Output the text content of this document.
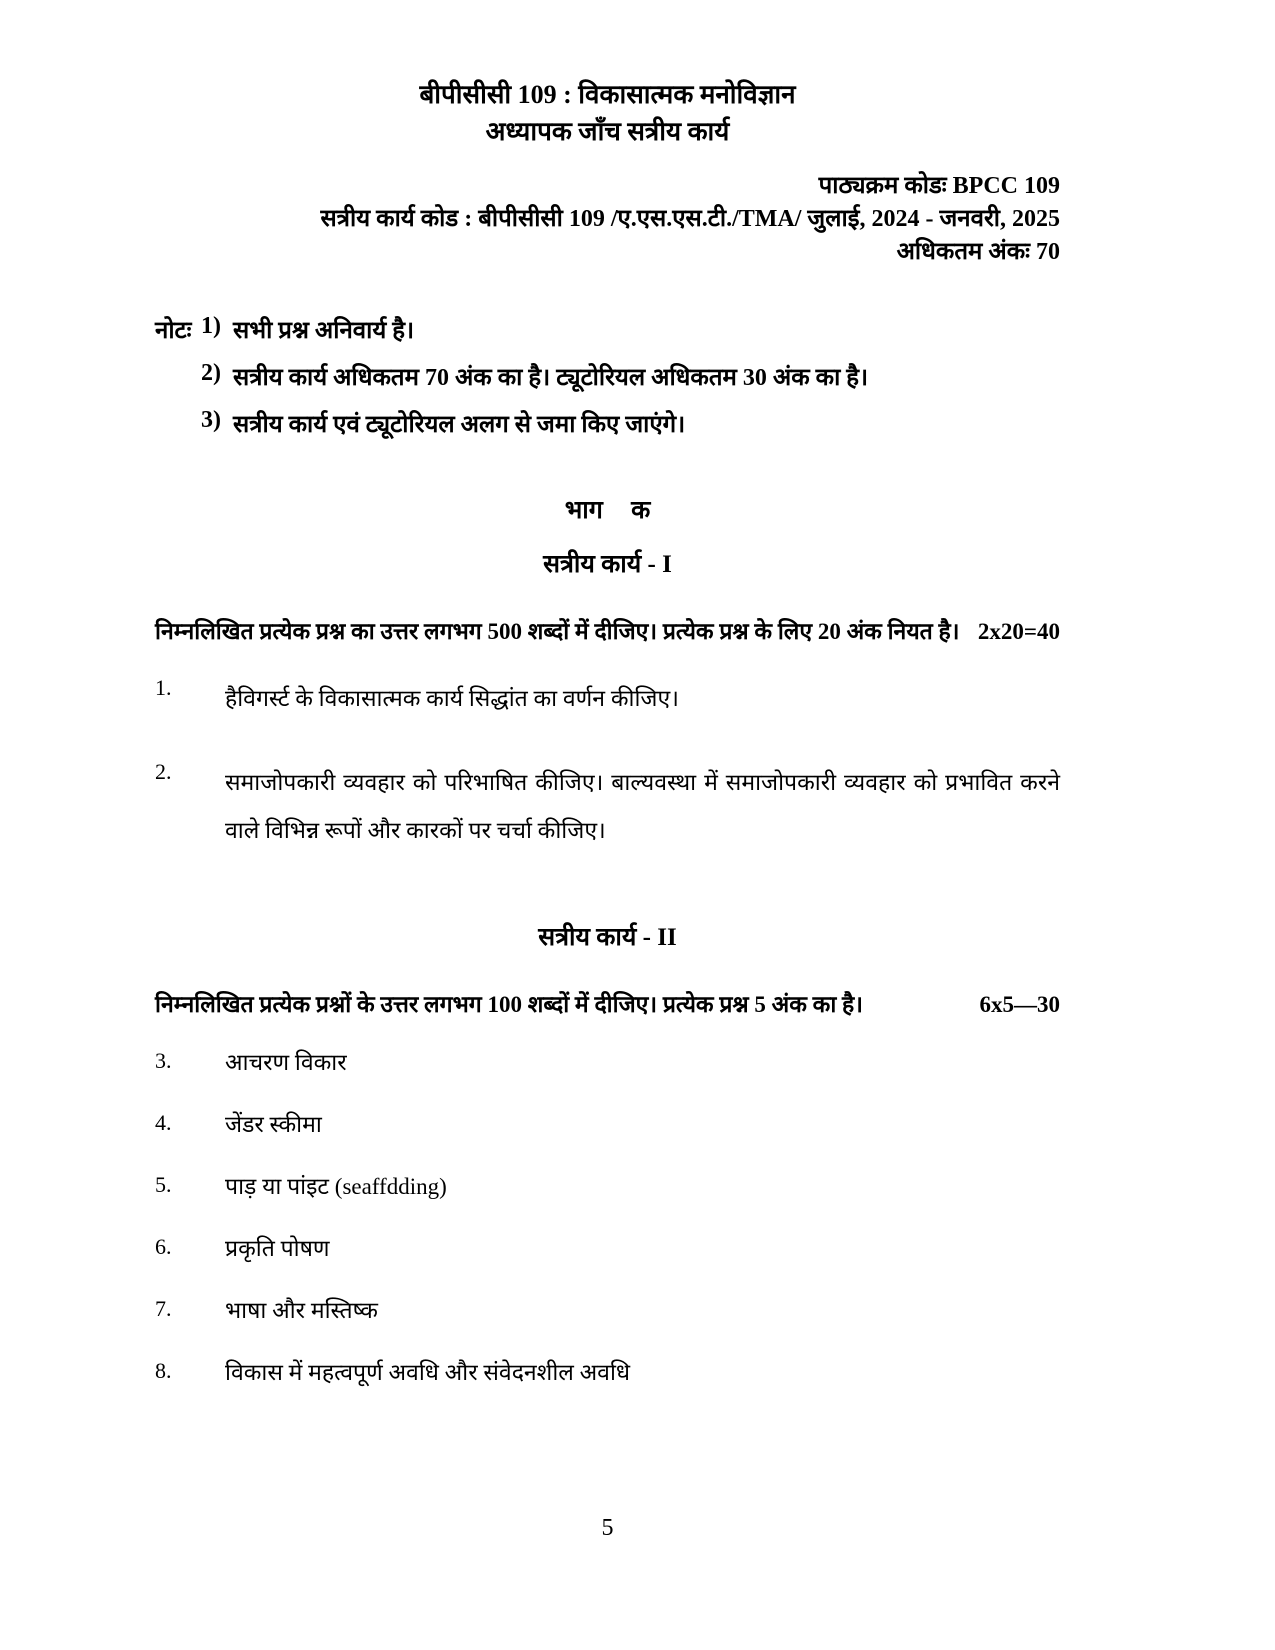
बीपीसीसी 109 : विकासात्मक मनोविज्ञान
अध्यापक जाँच सत्रीय कार्य
पाठ्यक्रम कोडः BPCC 109
सत्रीय कार्य कोड : बीपीसीसी 109 /ए.एस.एस.टी./TMA/ जुलाई, 2024 - जनवरी, 2025
अधिकतम अंकः 70
नोटः 1) सभी प्रश्न अनिवार्य है।
2) सत्रीय कार्य अधिकतम 70 अंक का है। ट्यूटोरियल अधिकतम 30 अंक का है।
3) सत्रीय कार्य एवं ट्यूटोरियल अलग से जमा किए जाएंगे।
भाग क
सत्रीय कार्य - I
निम्नलिखित प्रत्येक प्रश्न का उत्तर लगभग 500 शब्दों में दीजिए। प्रत्येक प्रश्न के लिए 20 अंक नियत है। 2x20=40
1.	हैविगर्स्ट के विकासात्मक कार्य सिद्धांत का वर्णन कीजिए।
2.	समाजोपकारी व्यवहार को परिभाषित कीजिए। बाल्यवस्था में समाजोपकारी व्यवहार को प्रभावित करने वाले विभिन्न रूपों और कारकों पर चर्चा कीजिए।
सत्रीय कार्य - II
निम्नलिखित प्रत्येक प्रश्नों के उत्तर लगभग 100 शब्दों में दीजिए। प्रत्येक प्रश्न 5 अंक का है।	6x5—30
3.	आचरण विकार
4.	जेंडर स्कीमा
5.	पाड़ या पांइट (seaffdding)
6.	प्रकृति पोषण
7.	भाषा और मस्तिष्क
8.	विकास में महत्वपूर्ण अवधि और संवेदनशील अवधि
5
